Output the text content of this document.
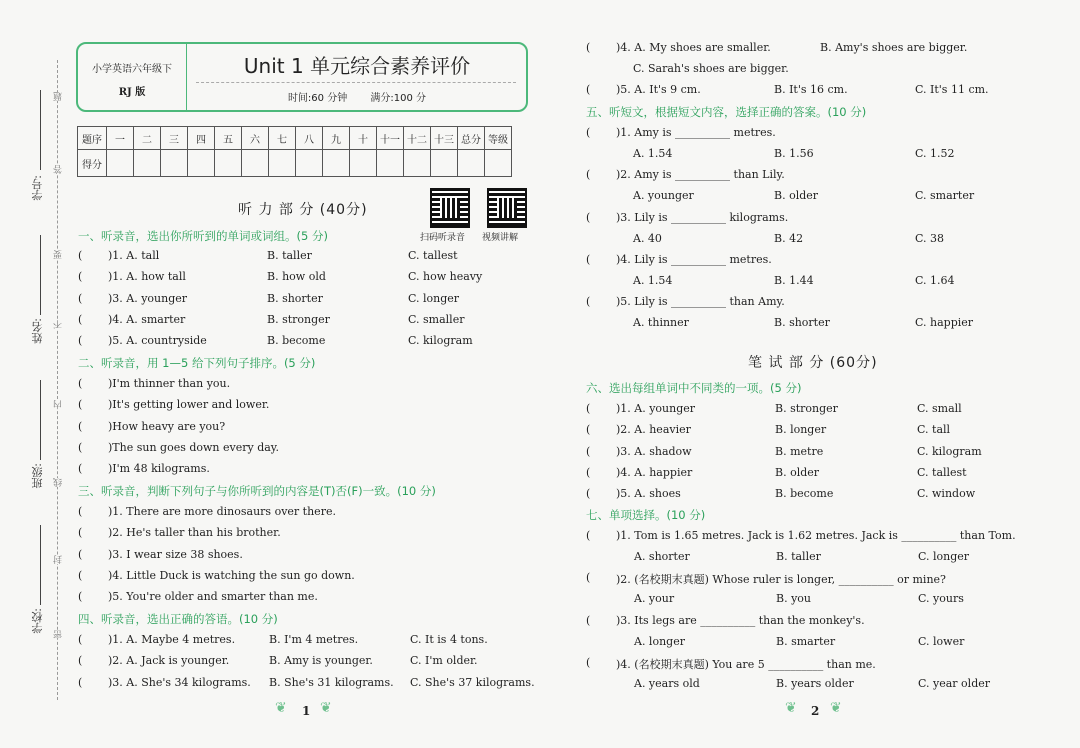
学号:
姓名:
班级:
学校:
题
答
要
不
内
线
封
密
小学英语六年级下
RJ 版
Unit 1 单元综合素养评价
时间:60 分钟 满分:100 分
题序	一	二	三	四	五	六	七	八	九	十	十一	十二	十三	总分	等级
得分															
听 力 部 分 (40分)
扫码听录音 视频讲解
一、听录音，选出你所听到的单词或词组。(5 分)
( )1. A. tall	B. taller	C. tallest
( )1. A. how tall	B. how old	C. how heavy
( )3. A. younger	B. shorter	C. longer
( )4. A. smarter	B. stronger	C. smaller
( )5. A. countryside	B. become	C. kilogram
二、听录音，用 1—5 给下列句子排序。(5 分)
( )I'm thinner than you.
( )It's getting lower and lower.
( )How heavy are you?
( )The sun goes down every day.
( )I'm 48 kilograms.
三、听录音，判断下列句子与你所听到的内容是(T)否(F)一致。(10 分)
( )1. There are more dinosaurs over there.
( )2. He's taller than his brother.
( )3. I wear size 38 shoes.
( )4. Little Duck is watching the sun go down.
( )5. You're older and smarter than me.
四、听录音，选出正确的答语。(10 分)
( )1. A. Maybe 4 metres.	B. I'm 4 metres.	C. It is 4 tons.
( )2. A. Jack is younger.	B. Amy is younger.	C. I'm older.
( )3. A. She's 34 kilograms. B. She's 31 kilograms. C. She's 37 kilograms.
❦	1 ❦
( )4. A. My shoes are smaller.	B. Amy's shoes are bigger.
C. Sarah's shoes are bigger.
( )5. A. It's 9 cm.	B. It's 16 cm.	C. It's 11 cm.
五、听短文，根据短文内容，选择正确的答案。(10 分)
( )1. Amy is __________ metres.
A. 1.54	B. 1.56	C. 1.52
( )2. Amy is __________ than Lily.
A. younger	B. older	C. smarter
( )3. Lily is __________ kilograms.
A. 40	B. 42	C. 38
( )4. Lily is __________ metres.
A. 1.54	B. 1.44	C. 1.64
( )5. Lily is __________ than Amy.
A. thinner	B. shorter	C. happier
笔 试 部 分 (60分)
六、选出每组单词中不同类的一项。(5 分)
( )1. A. younger	B. stronger	C. small
( )2. A. heavier	B. longer	C. tall
( )3. A. shadow	B. metre	C. kilogram
( )4. A. happier	B. older	C. tallest
( )5. A. shoes	B. become	C. window
七、单项选择。(10 分)
( )1. Tom is 1.65 metres. Jack is 1.62 metres. Jack is __________ than Tom.
A. shorter	B. taller	C. longer
( )2. (名校期末真题) Whose ruler is longer, __________ or mine?
A. your	B. you	C. yours
( )3. Its legs are __________ than the monkey's.
A. longer	B. smarter	C. lower
( )4. (名校期末真题) You are 5 __________ than me.
A. years old	B. years older	C. year older
❦	2 ❦
